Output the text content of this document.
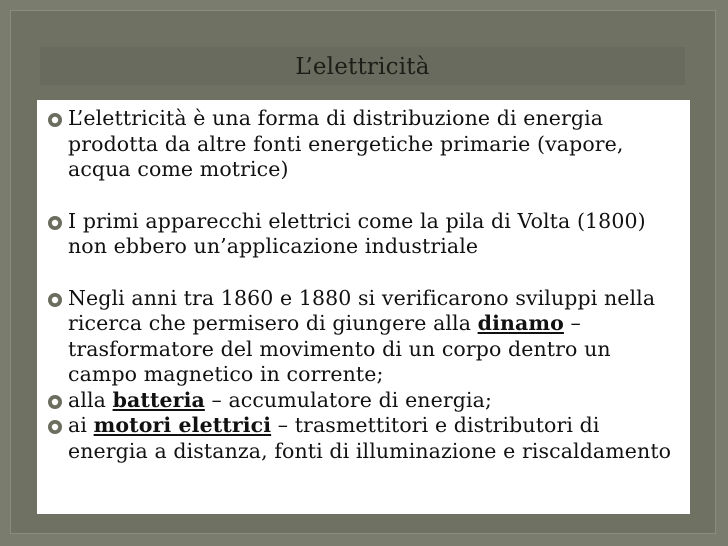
L’elettricità

L’elettricità è una forma di distribuzione di energia prodotta da altre fonti energetiche primarie (vapore, acqua come motrice)

I primi apparecchi elettrici come la pila di Volta (1800) non ebbero un’applicazione industriale

Negli anni tra 1860 e 1880 si verificarono sviluppi nella ricerca che permisero di giungere alla dinamo – trasformatore del movimento di un corpo dentro un campo magnetico in corrente;

alla batteria – accumulatore di energia;

ai motori elettrici – trasmettitori e distributori di energia a distanza, fonti di illuminazione e riscaldamento
